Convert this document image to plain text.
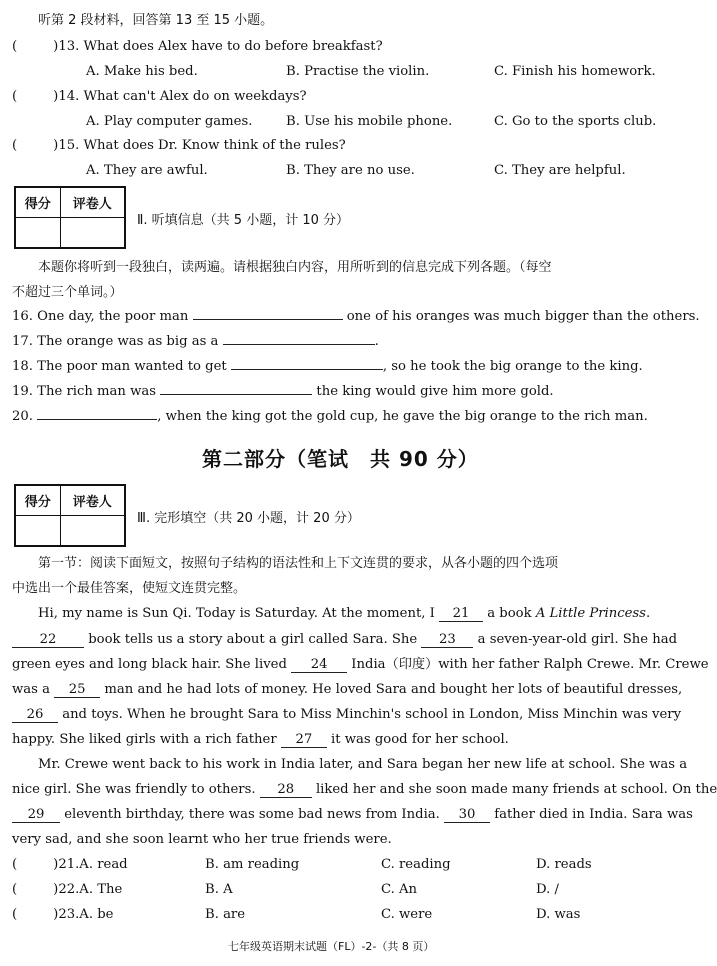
听第 2 段材料，回答第 13 至 15 小题。
(	)13. What does Alex have to do before breakfast?
A. Make his bed.	B. Practise the violin.	C. Finish his homework.
(	)14. What can't Alex do on weekdays?
A. Play computer games.	B. Use his mobile phone.	C. Go to the sports club.
(	)15. What does Dr. Know think of the rules?
A. They are awful.	B. They are no use.	C. They are helpful.
得分	评卷人

Ⅱ. 听填信息（共 5 小题，计 10 分）
本题你将听到一段独白，读两遍。请根据独白内容，用所听到的信息完成下列各题。（每空
不超过三个单词。）
16. One day, the poor man	one of his oranges was much bigger than the others.
17. The orange was as big as a	.
18. The poor man wanted to get	, so he took the big orange to the king.
19. The rich man was	the king would give him more gold.
20.	, when the king got the gold cup, he gave the big orange to the rich man.
第二部分（笔试　共 90 分）
得分	评卷人

Ⅲ. 完形填空（共 20 小题，计 20 分）
第一节：阅读下面短文，按照句子结构的语法性和上下文连贯的要求，从各小题的四个选项
中选出一个最佳答案，使短文连贯完整。
Hi, my name is Sun Qi. Today is Saturday. At the moment, I 21 a book A Little Princess.
22 book tells us a story about a girl called Sara. She 23 a seven-year-old girl. She had
green eyes and long black hair. She lived 24 India（印度）with her father Ralph Crewe. Mr. Crewe
was a 25 man and he had lots of money. He loved Sara and bought her lots of beautiful dresses,
26 and toys. When he brought Sara to Miss Minchin's school in London, Miss Minchin was very
happy. She liked girls with a rich father 27 it was good for her school.
Mr. Crewe went back to his work in India later, and Sara began her new life at school. She was a
nice girl. She was friendly to others. 28 liked her and she soon made many friends at school. On the
29 eleventh birthday, there was some bad news from India. 30 father died in India. Sara was
very sad, and she soon learnt who her true friends were.
(	)21.A. read	B. am reading	C. reading	D. reads
(	)22.A. The	B. A	C. An	D. /
(	)23.A. be	B. are	C. were	D. was
七年级英语期末试题（FL）-2-（共 8 页）
